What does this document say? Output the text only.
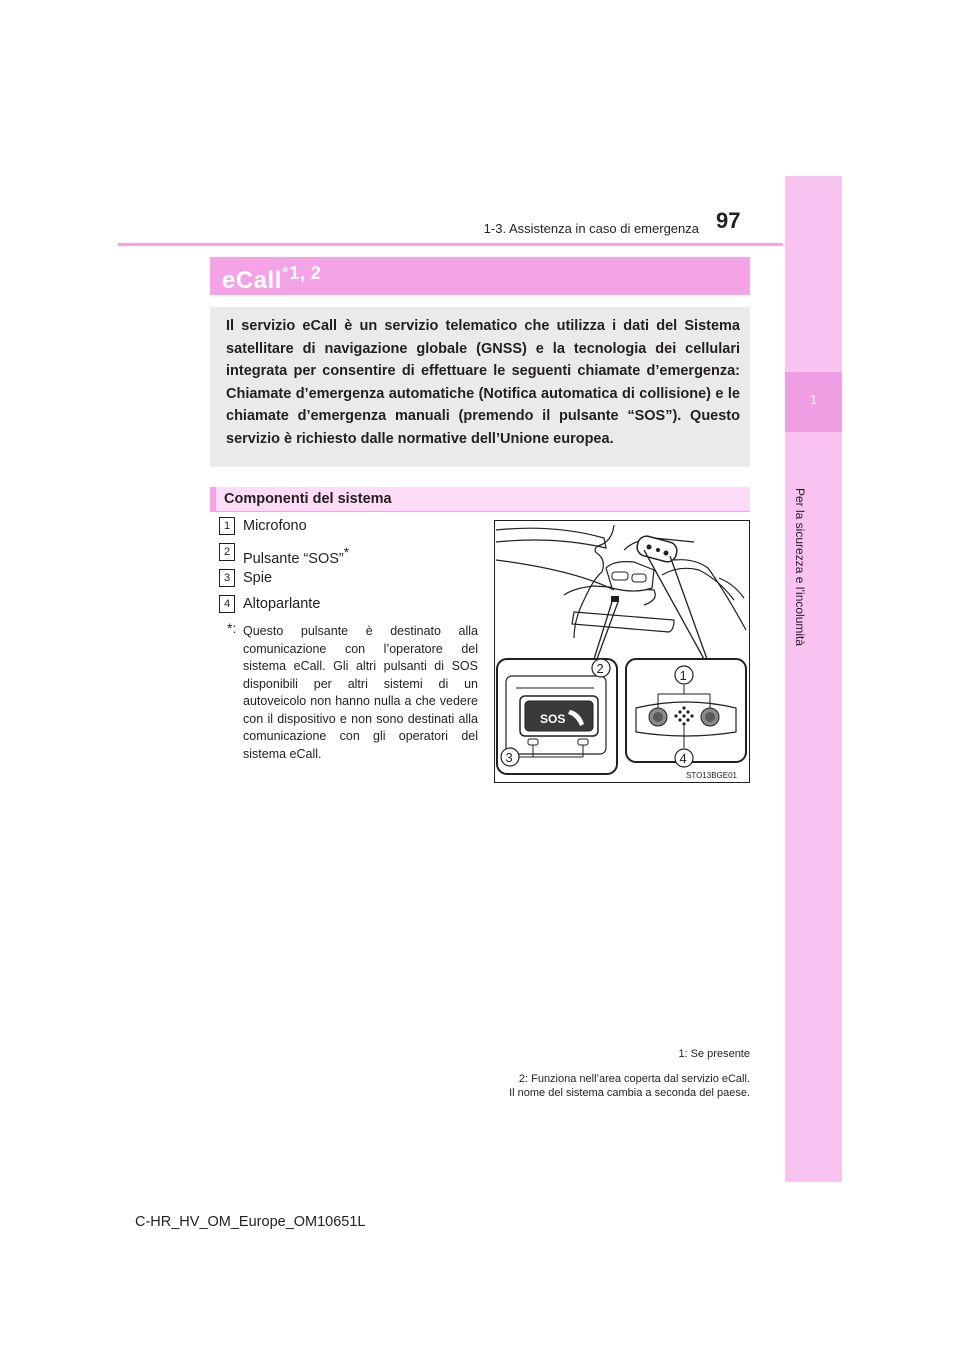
1
Per la sicurezza e l’incolumità
1-3. Assistenza in caso di emergenza 97
eCall$^{*1, 2}$
Il servizio eCall è un servizio telematico che utilizza i dati del Sistema satellitare di navigazione globale (GNSS) e la tecnologia dei cellulari integrata per consentire di effettuare le seguenti chiamate d’emergenza: Chiamate d’emergenza automatiche (Notifica automatica di collisione) e le chiamate d’emergenza manuali (premendo il pulsante “SOS”). Questo servizio è richiesto dalle normative dell’Unione europea.
Componenti del sistema
1 Microfono
2 Pulsante “SOS”*
3 Spie
4 Altoparlante
*: Questo pulsante è destinato alla comunicazione con l’operatore del sistema eCall. Gli altri pulsanti di SOS disponibili per altri sistemi di un autoveicolo non hanno nulla a che vedere con il dispositivo e non sono destinati alla comunicazione con gli operatori del sistema eCall.
SOS
2	1
3	4
STO13BGE01
1: Se presente
2: Funziona nell’area coperta dal servizio eCall.
Il nome del sistema cambia a seconda del paese.
C-HR_HV_OM_Europe_OM10651L
